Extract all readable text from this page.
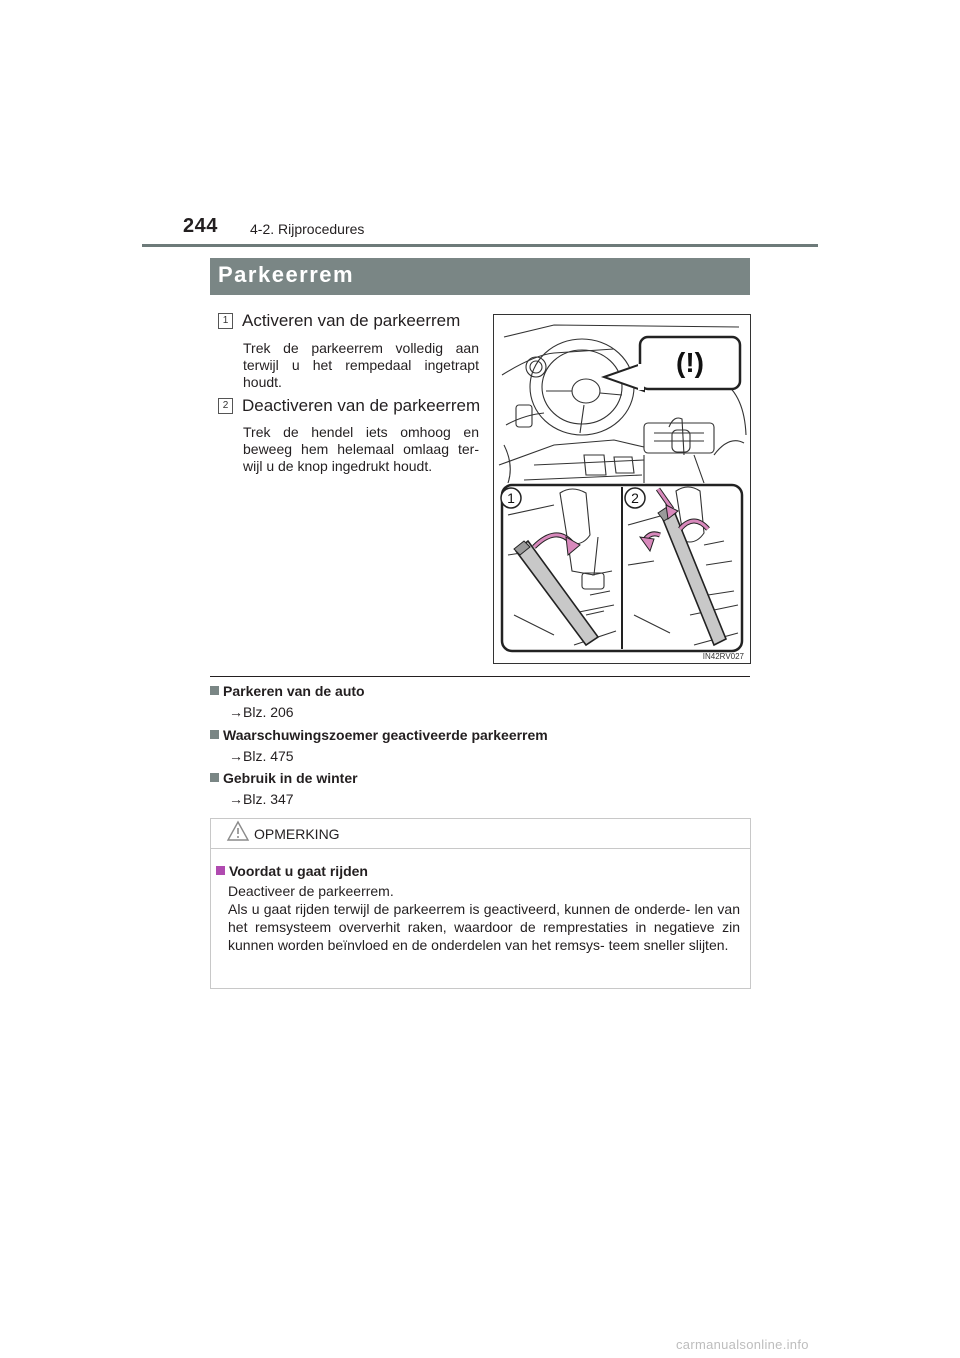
244 4-2. Rijprocedures
Parkeerrem
1 Activeren van de parkeerrem
Trek de parkeerrem volledig aan terwijl u het rempedaal ingetrapt houdt.
2 Deactiveren van de parkeerrem
Trek de hendel iets omhoog en beweeg hem helemaal omlaag ter- wijl u de knop ingedrukt houdt.
(!)
1	2
IN42RV027
Parkeren van de auto
→Blz. 206
Waarschuwingszoemer geactiveerde parkeerrem
→Blz. 475
Gebruik in de winter
→Blz. 347
OPMERKING
Voordat u gaat rijden
Deactiveer de parkeerrem.
Als u gaat rijden terwijl de parkeerrem is geactiveerd, kunnen de onderde- len van het remsysteem oververhit raken, waardoor de remprestaties in negatieve zin kunnen worden beïnvloed en de onderdelen van het remsys- teem sneller slijten.
carmanualsonline.info
